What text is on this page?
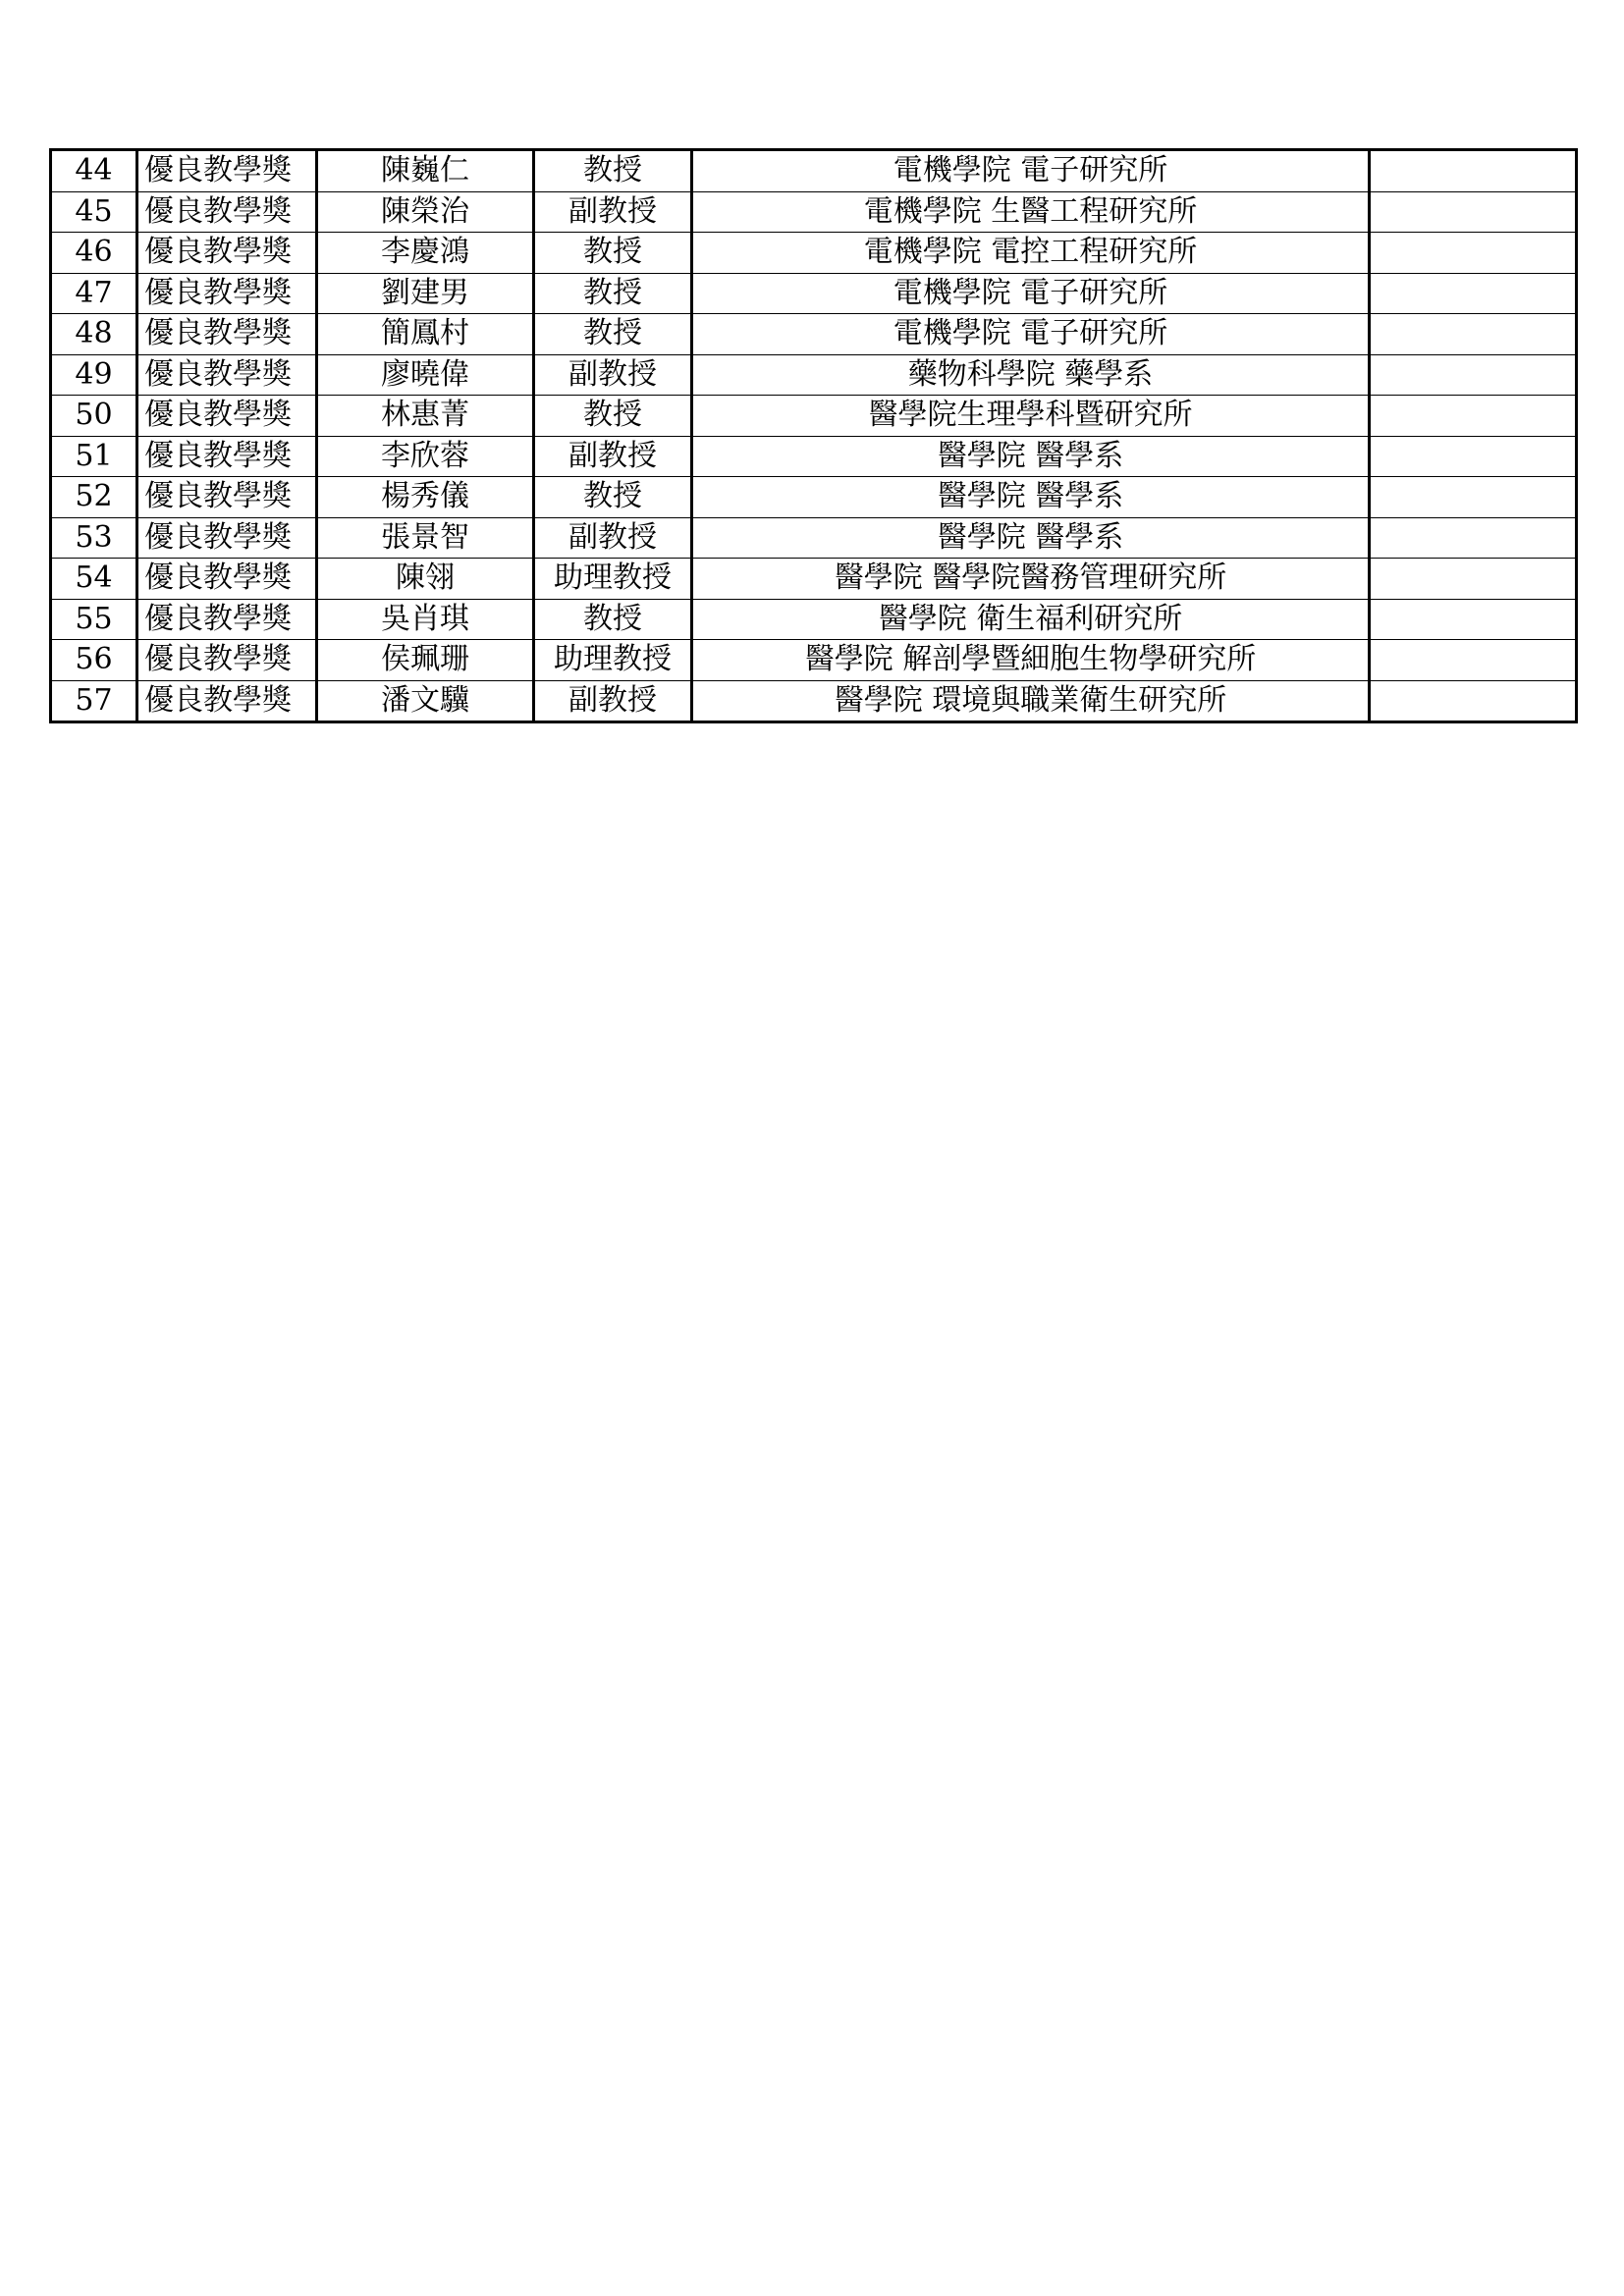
44	優良教學獎	陳巍仁	教授	電機學院 電子研究所	
45	優良教學獎	陳榮治	副教授	電機學院 生醫工程研究所	
46	優良教學獎	李慶鴻	教授	電機學院 電控工程研究所	
47	優良教學獎	劉建男	教授	電機學院 電子研究所	
48	優良教學獎	簡鳳村	教授	電機學院 電子研究所	
49	優良教學獎	廖曉偉	副教授	藥物科學院 藥學系	
50	優良教學獎	林惠菁	教授	醫學院生理學科暨研究所	
51	優良教學獎	李欣蓉	副教授	醫學院 醫學系	
52	優良教學獎	楊秀儀	教授	醫學院 醫學系	
53	優良教學獎	張景智	副教授	醫學院 醫學系	
54	優良教學獎	陳翎	助理教授	醫學院 醫學院醫務管理研究所	
55	優良教學獎	吳肖琪	教授	醫學院 衛生福利研究所	
56	優良教學獎	侯珮珊	助理教授	醫學院 解剖學暨細胞生物學研究所	
57	優良教學獎	潘文驥	副教授	醫學院 環境與職業衛生研究所	
